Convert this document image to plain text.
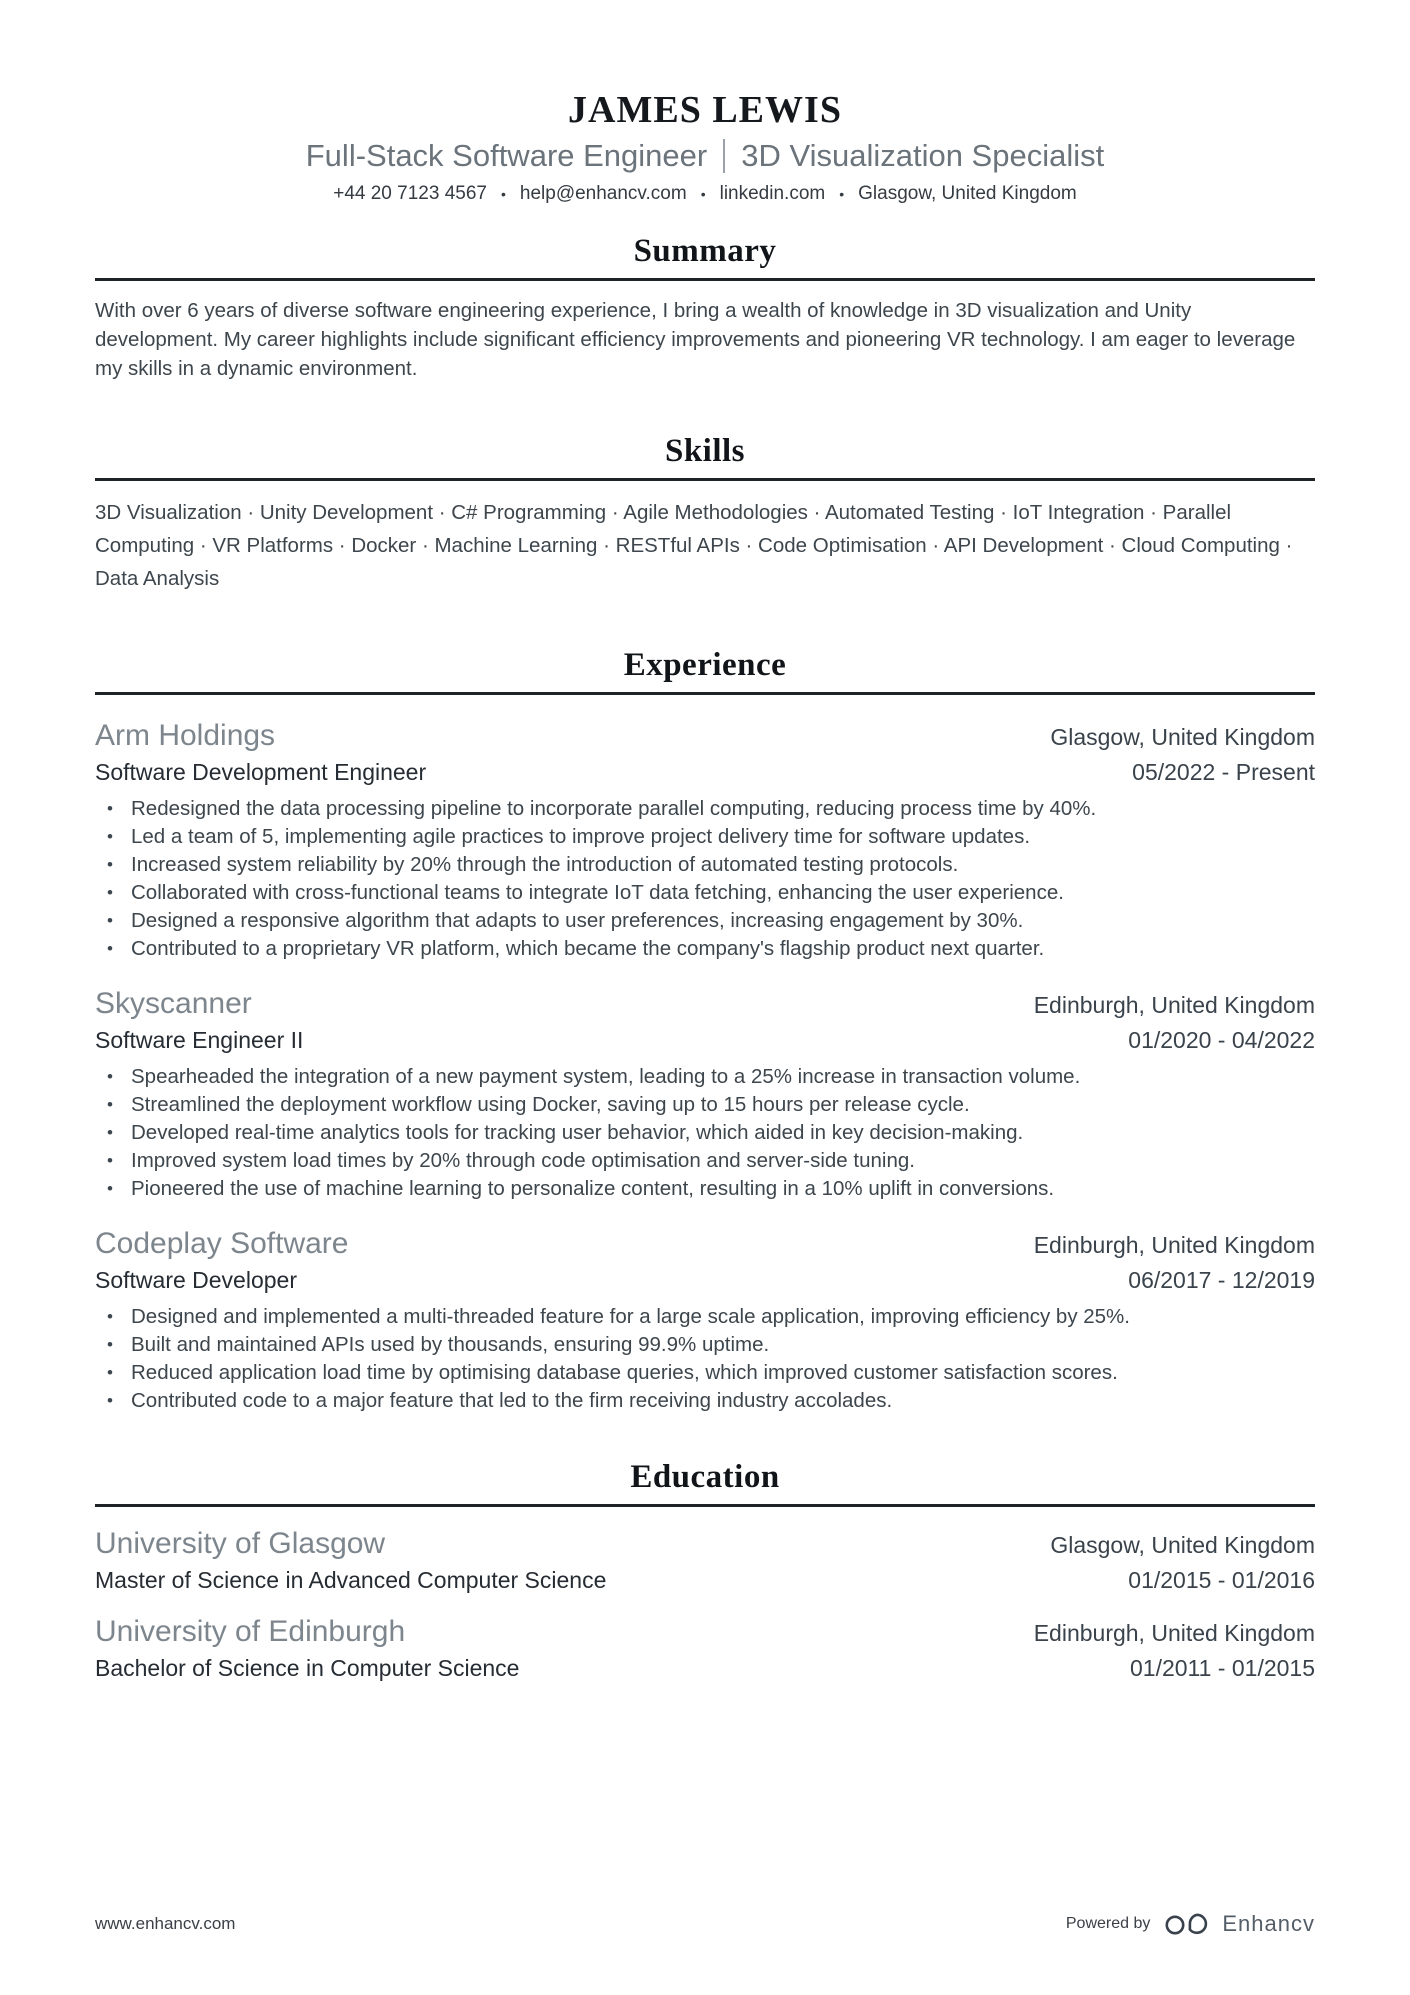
JAMES LEWIS
Full-Stack Software Engineer 3D Visualization Specialist
+44 20 7123 4567 • help@enhancv.com • linkedin.com • Glasgow, United Kingdom
Summary
With over 6 years of diverse software engineering experience, I bring a wealth of knowledge in 3D visualization and Unity development. My career highlights include significant efficiency improvements and pioneering VR technology. I am eager to leverage my skills in a dynamic environment.
Skills
3D Visualization · Unity Development · C# Programming · Agile Methodologies · Automated Testing · IoT Integration · Parallel Computing · VR Platforms · Docker · Machine Learning · RESTful APIs · Code Optimisation · API Development · Cloud Computing · Data Analysis
Experience
Arm Holdings	Glasgow, United Kingdom
Software Development Engineer	05/2022 - Present
• Redesigned the data processing pipeline to incorporate parallel computing, reducing process time by 40%.
• Led a team of 5, implementing agile practices to improve project delivery time for software updates.
• Increased system reliability by 20% through the introduction of automated testing protocols.
• Collaborated with cross-functional teams to integrate IoT data fetching, enhancing the user experience.
• Designed a responsive algorithm that adapts to user preferences, increasing engagement by 30%.
• Contributed to a proprietary VR platform, which became the company's flagship product next quarter.
Skyscanner	Edinburgh, United Kingdom
Software Engineer II	01/2020 - 04/2022
• Spearheaded the integration of a new payment system, leading to a 25% increase in transaction volume.
• Streamlined the deployment workflow using Docker, saving up to 15 hours per release cycle.
• Developed real-time analytics tools for tracking user behavior, which aided in key decision-making.
• Improved system load times by 20% through code optimisation and server-side tuning.
• Pioneered the use of machine learning to personalize content, resulting in a 10% uplift in conversions.
Codeplay Software	Edinburgh, United Kingdom
Software Developer	06/2017 - 12/2019
• Designed and implemented a multi-threaded feature for a large scale application, improving efficiency by 25%.
• Built and maintained APIs used by thousands, ensuring 99.9% uptime.
• Reduced application load time by optimising database queries, which improved customer satisfaction scores.
• Contributed code to a major feature that led to the firm receiving industry accolades.
Education
University of Glasgow	Glasgow, United Kingdom
Master of Science in Advanced Computer Science	01/2015 - 01/2016
University of Edinburgh	Edinburgh, United Kingdom
Bachelor of Science in Computer Science	01/2011 - 01/2015
www.enhancv.com	Powered by	Enhancv
